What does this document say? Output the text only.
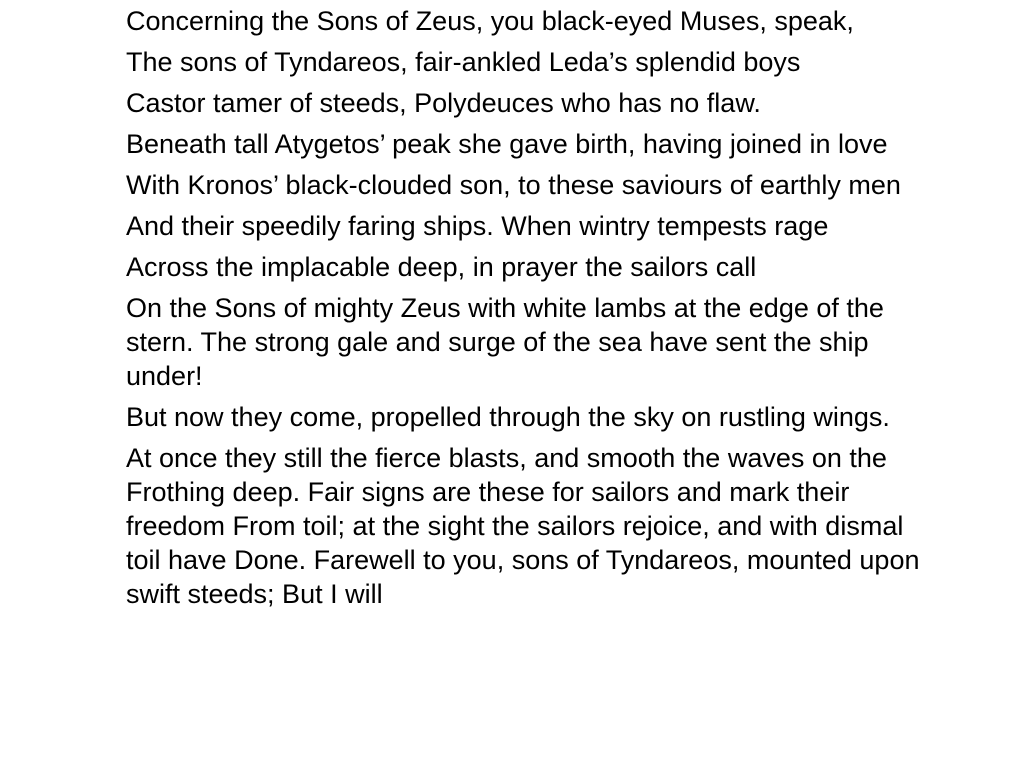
Concerning the Sons of Zeus, you black-eyed Muses, speak,
The sons of Tyndareos, fair-ankled Leda’s splendid boys
Castor tamer of steeds, Polydeuces who has no flaw.
Beneath tall Atygetos’ peak she gave birth, having joined in love
With Kronos’ black-clouded son, to these saviours of earthly men
And their speedily faring ships. When wintry tempests rage
Across the implacable deep, in prayer the sailors call
On the Sons of mighty Zeus with white lambs at the edge of the stern. The strong gale and surge of the sea have sent the ship under!
But now they come, propelled through the sky on rustling wings.
At once they still the fierce blasts, and smooth the waves on the Frothing deep. Fair signs are these for sailors and mark their freedom From toil; at the sight the sailors rejoice, and with dismal toil have Done. Farewell to you, sons of Tyndareos, mounted upon swift steeds; But I will
